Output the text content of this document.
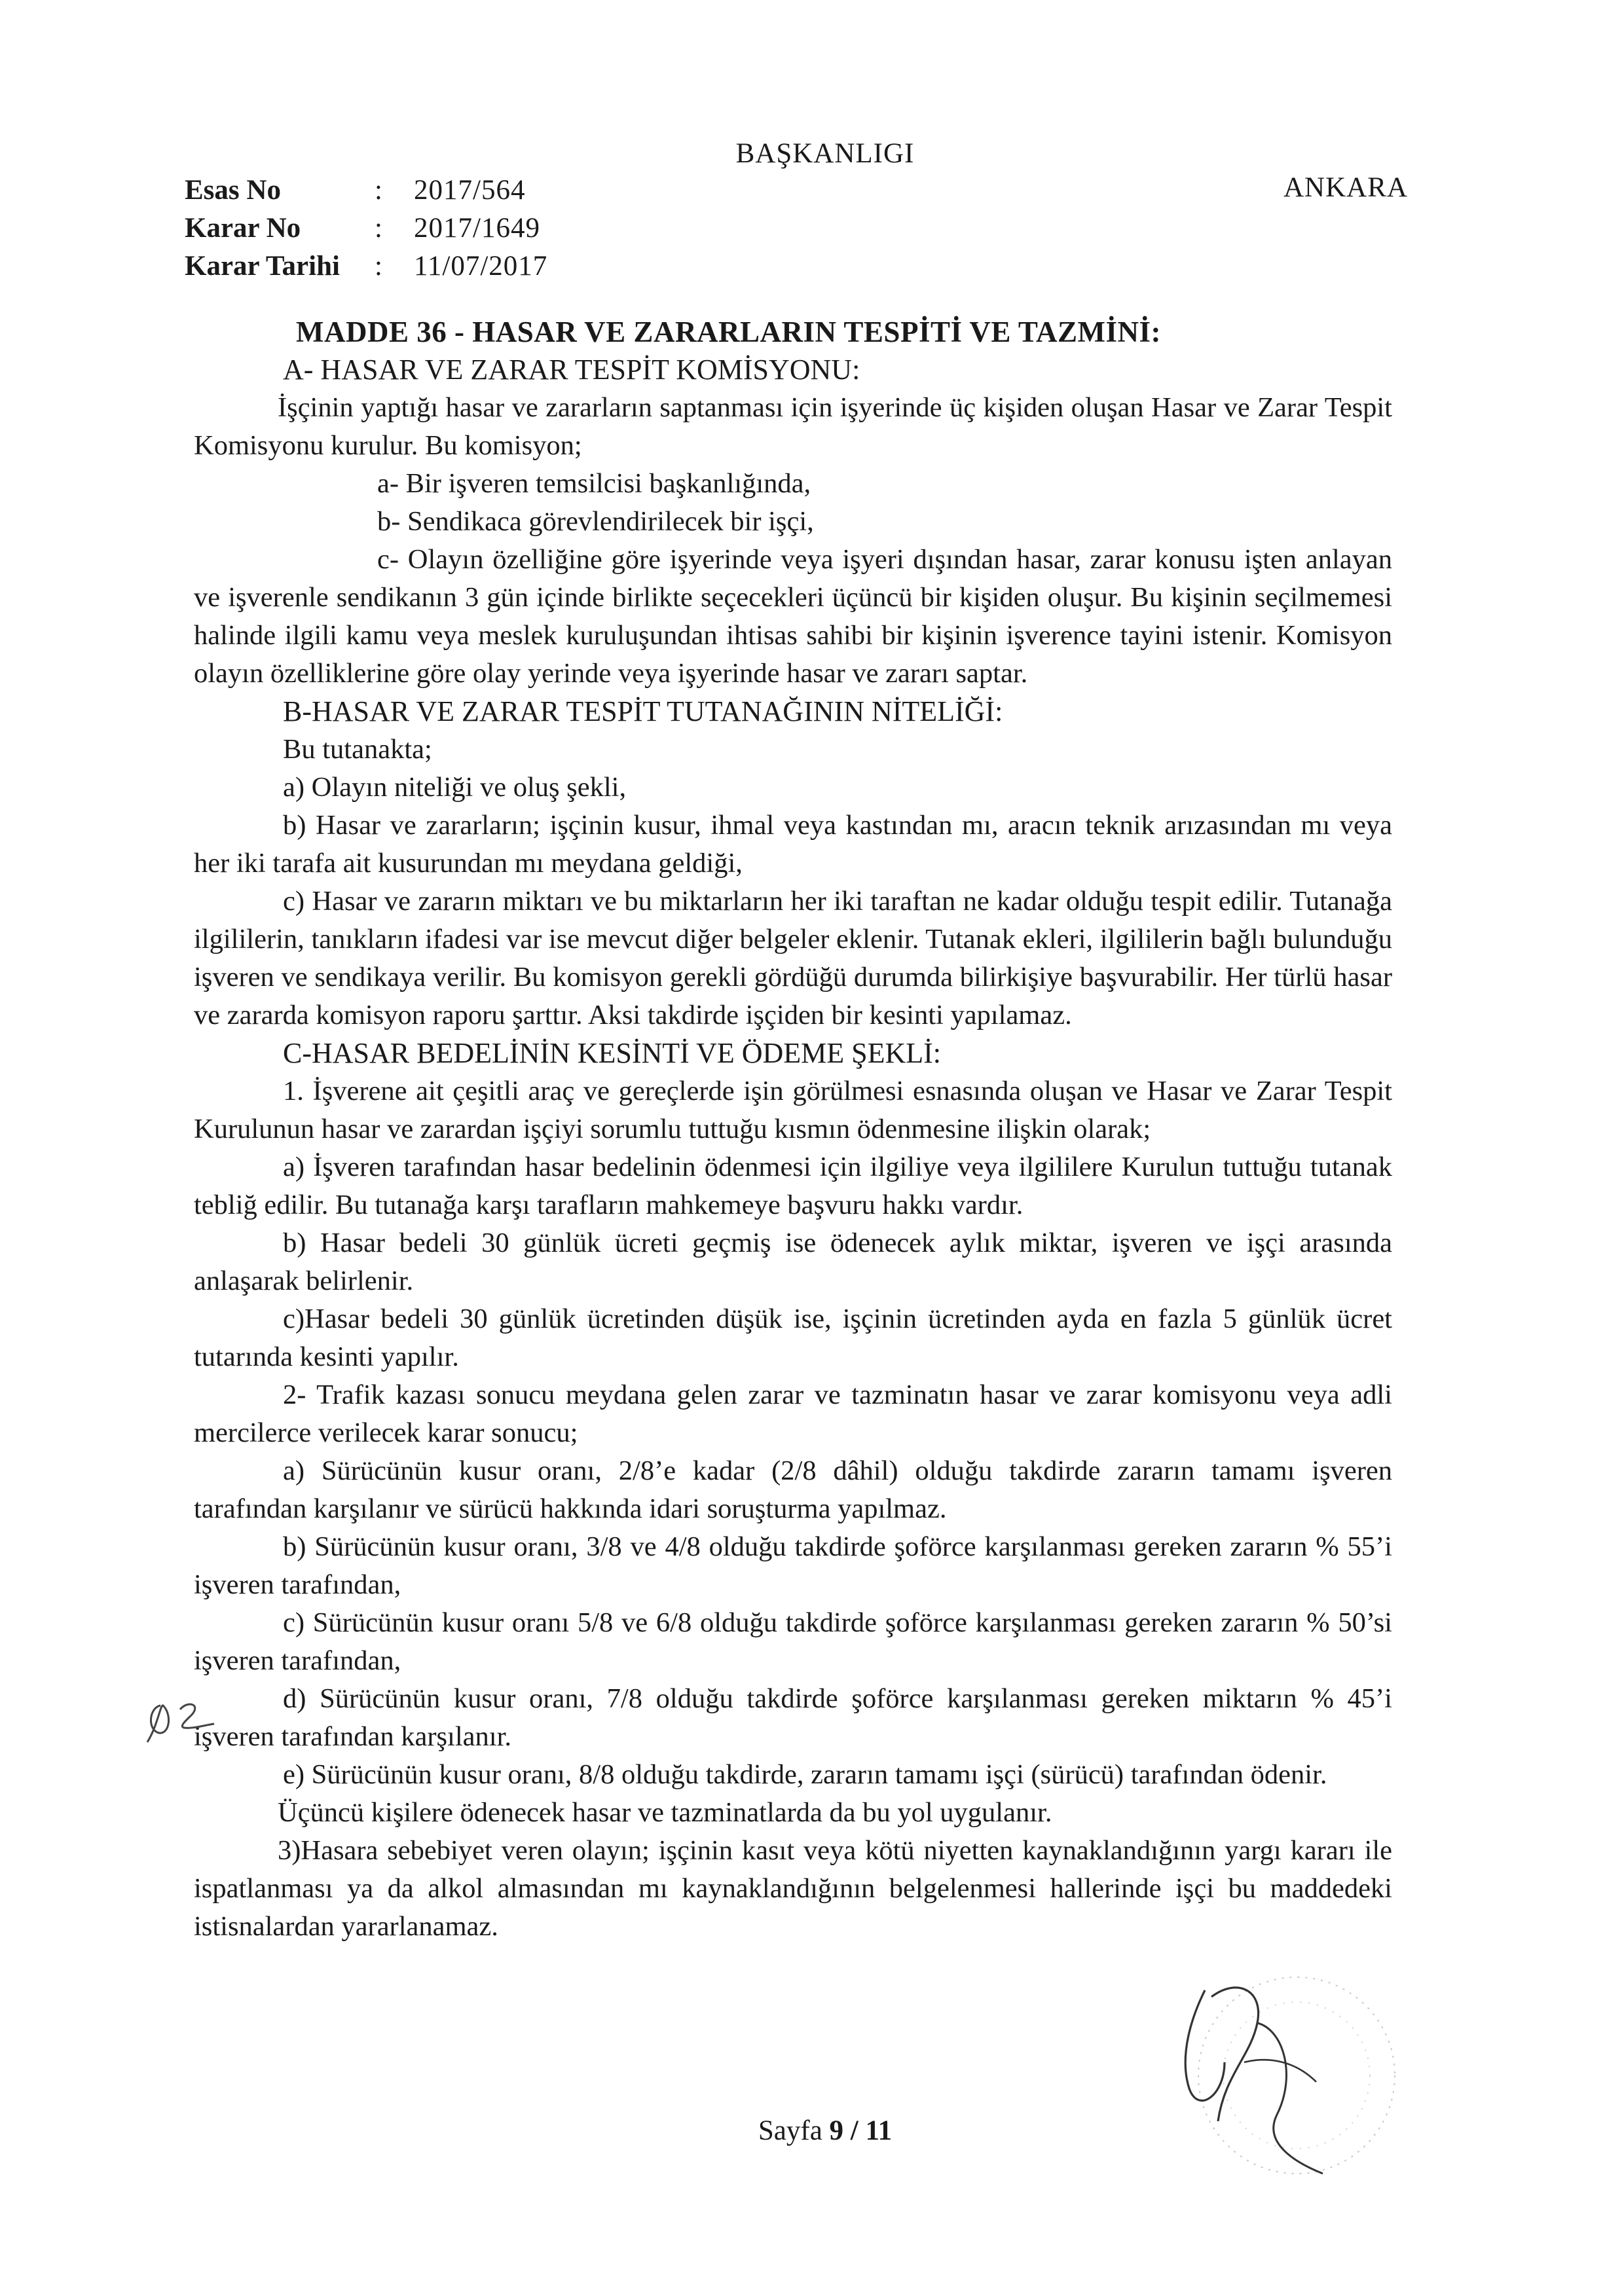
BAŞKANLIGI
ANKARA
Esas No	:	2017/564
Karar No	:	2017/1649
Karar Tarihi	:	11/07/2017

MADDE 36 - HASAR VE ZARARLARIN TESPİTİ VE TAZMİNİ:

A- HASAR VE ZARAR TESPİT KOMİSYONU:

İşçinin yaptığı hasar ve zararların saptanması için işyerinde üç kişiden oluşan Hasar ve Zarar Tespit Komisyonu kurulur. Bu komisyon;

a- Bir işveren temsilcisi başkanlığında,

b- Sendikaca görevlendirilecek bir işçi,

c- Olayın özelliğine göre işyerinde veya işyeri dışından hasar, zarar konusu işten anlayan ve işverenle sendikanın 3 gün içinde birlikte seçecekleri üçüncü bir kişiden oluşur. Bu kişinin seçilmemesi halinde ilgili kamu veya meslek kuruluşundan ihtisas sahibi bir kişinin işverence tayini istenir. Komisyon olayın özelliklerine göre olay yerinde veya işyerinde hasar ve zararı saptar.

B-HASAR VE ZARAR TESPİT TUTANAĞININ NİTELİĞİ:

Bu tutanakta;

a) Olayın niteliği ve oluş şekli,

b) Hasar ve zararların; işçinin kusur, ihmal veya kastından mı, aracın teknik arızasından mı veya her iki tarafa ait kusurundan mı meydana geldiği,

c) Hasar ve zararın miktarı ve bu miktarların her iki taraftan ne kadar olduğu tespit edilir. Tutanağa ilgililerin, tanıkların ifadesi var ise mevcut diğer belgeler eklenir. Tutanak ekleri, ilgililerin bağlı bulunduğu işveren ve sendikaya verilir. Bu komisyon gerekli gördüğü durumda bilirkişiye başvurabilir. Her türlü hasar ve zararda komisyon raporu şarttır. Aksi takdirde işçiden bir kesinti yapılamaz.

C-HASAR BEDELİNİN KESİNTİ VE ÖDEME ŞEKLİ:

1. İşverene ait çeşitli araç ve gereçlerde işin görülmesi esnasında oluşan ve Hasar ve Zarar Tespit Kurulunun hasar ve zarardan işçiyi sorumlu tuttuğu kısmın ödenmesine ilişkin olarak;

a) İşveren tarafından hasar bedelinin ödenmesi için ilgiliye veya ilgililere Kurulun tuttuğu tutanak tebliğ edilir. Bu tutanağa karşı tarafların mahkemeye başvuru hakkı vardır.

b) Hasar bedeli 30 günlük ücreti geçmiş ise ödenecek aylık miktar, işveren ve işçi arasında anlaşarak belirlenir.

c)Hasar bedeli 30 günlük ücretinden düşük ise, işçinin ücretinden ayda en fazla 5 günlük ücret tutarında kesinti yapılır.

2- Trafik kazası sonucu meydana gelen zarar ve tazminatın hasar ve zarar komisyonu veya adli mercilerce verilecek karar sonucu;

a) Sürücünün kusur oranı, 2/8’e kadar (2/8 dâhil) olduğu takdirde zararın tamamı işveren tarafından karşılanır ve sürücü hakkında idari soruşturma yapılmaz.

b) Sürücünün kusur oranı, 3/8 ve 4/8 olduğu takdirde şoförce karşılanması gereken zararın % 55’i işveren tarafından,

c) Sürücünün kusur oranı 5/8 ve 6/8 olduğu takdirde şoförce karşılanması gereken zararın % 50’si işveren tarafından,

d) Sürücünün kusur oranı, 7/8 olduğu takdirde şoförce karşılanması gereken miktarın % 45’i işveren tarafından karşılanır.

e) Sürücünün kusur oranı, 8/8 olduğu takdirde, zararın tamamı işçi (sürücü) tarafından ödenir.

Üçüncü kişilere ödenecek hasar ve tazminatlarda da bu yol uygulanır.

3)Hasara sebebiyet veren olayın; işçinin kasıt veya kötü niyetten kaynaklandığının yargı kararı ile ispatlanması ya da alkol almasından mı kaynaklandığının belgelenmesi hallerinde işçi bu maddedeki istisnalardan yararlanamaz.

Sayfa 9 / 11
